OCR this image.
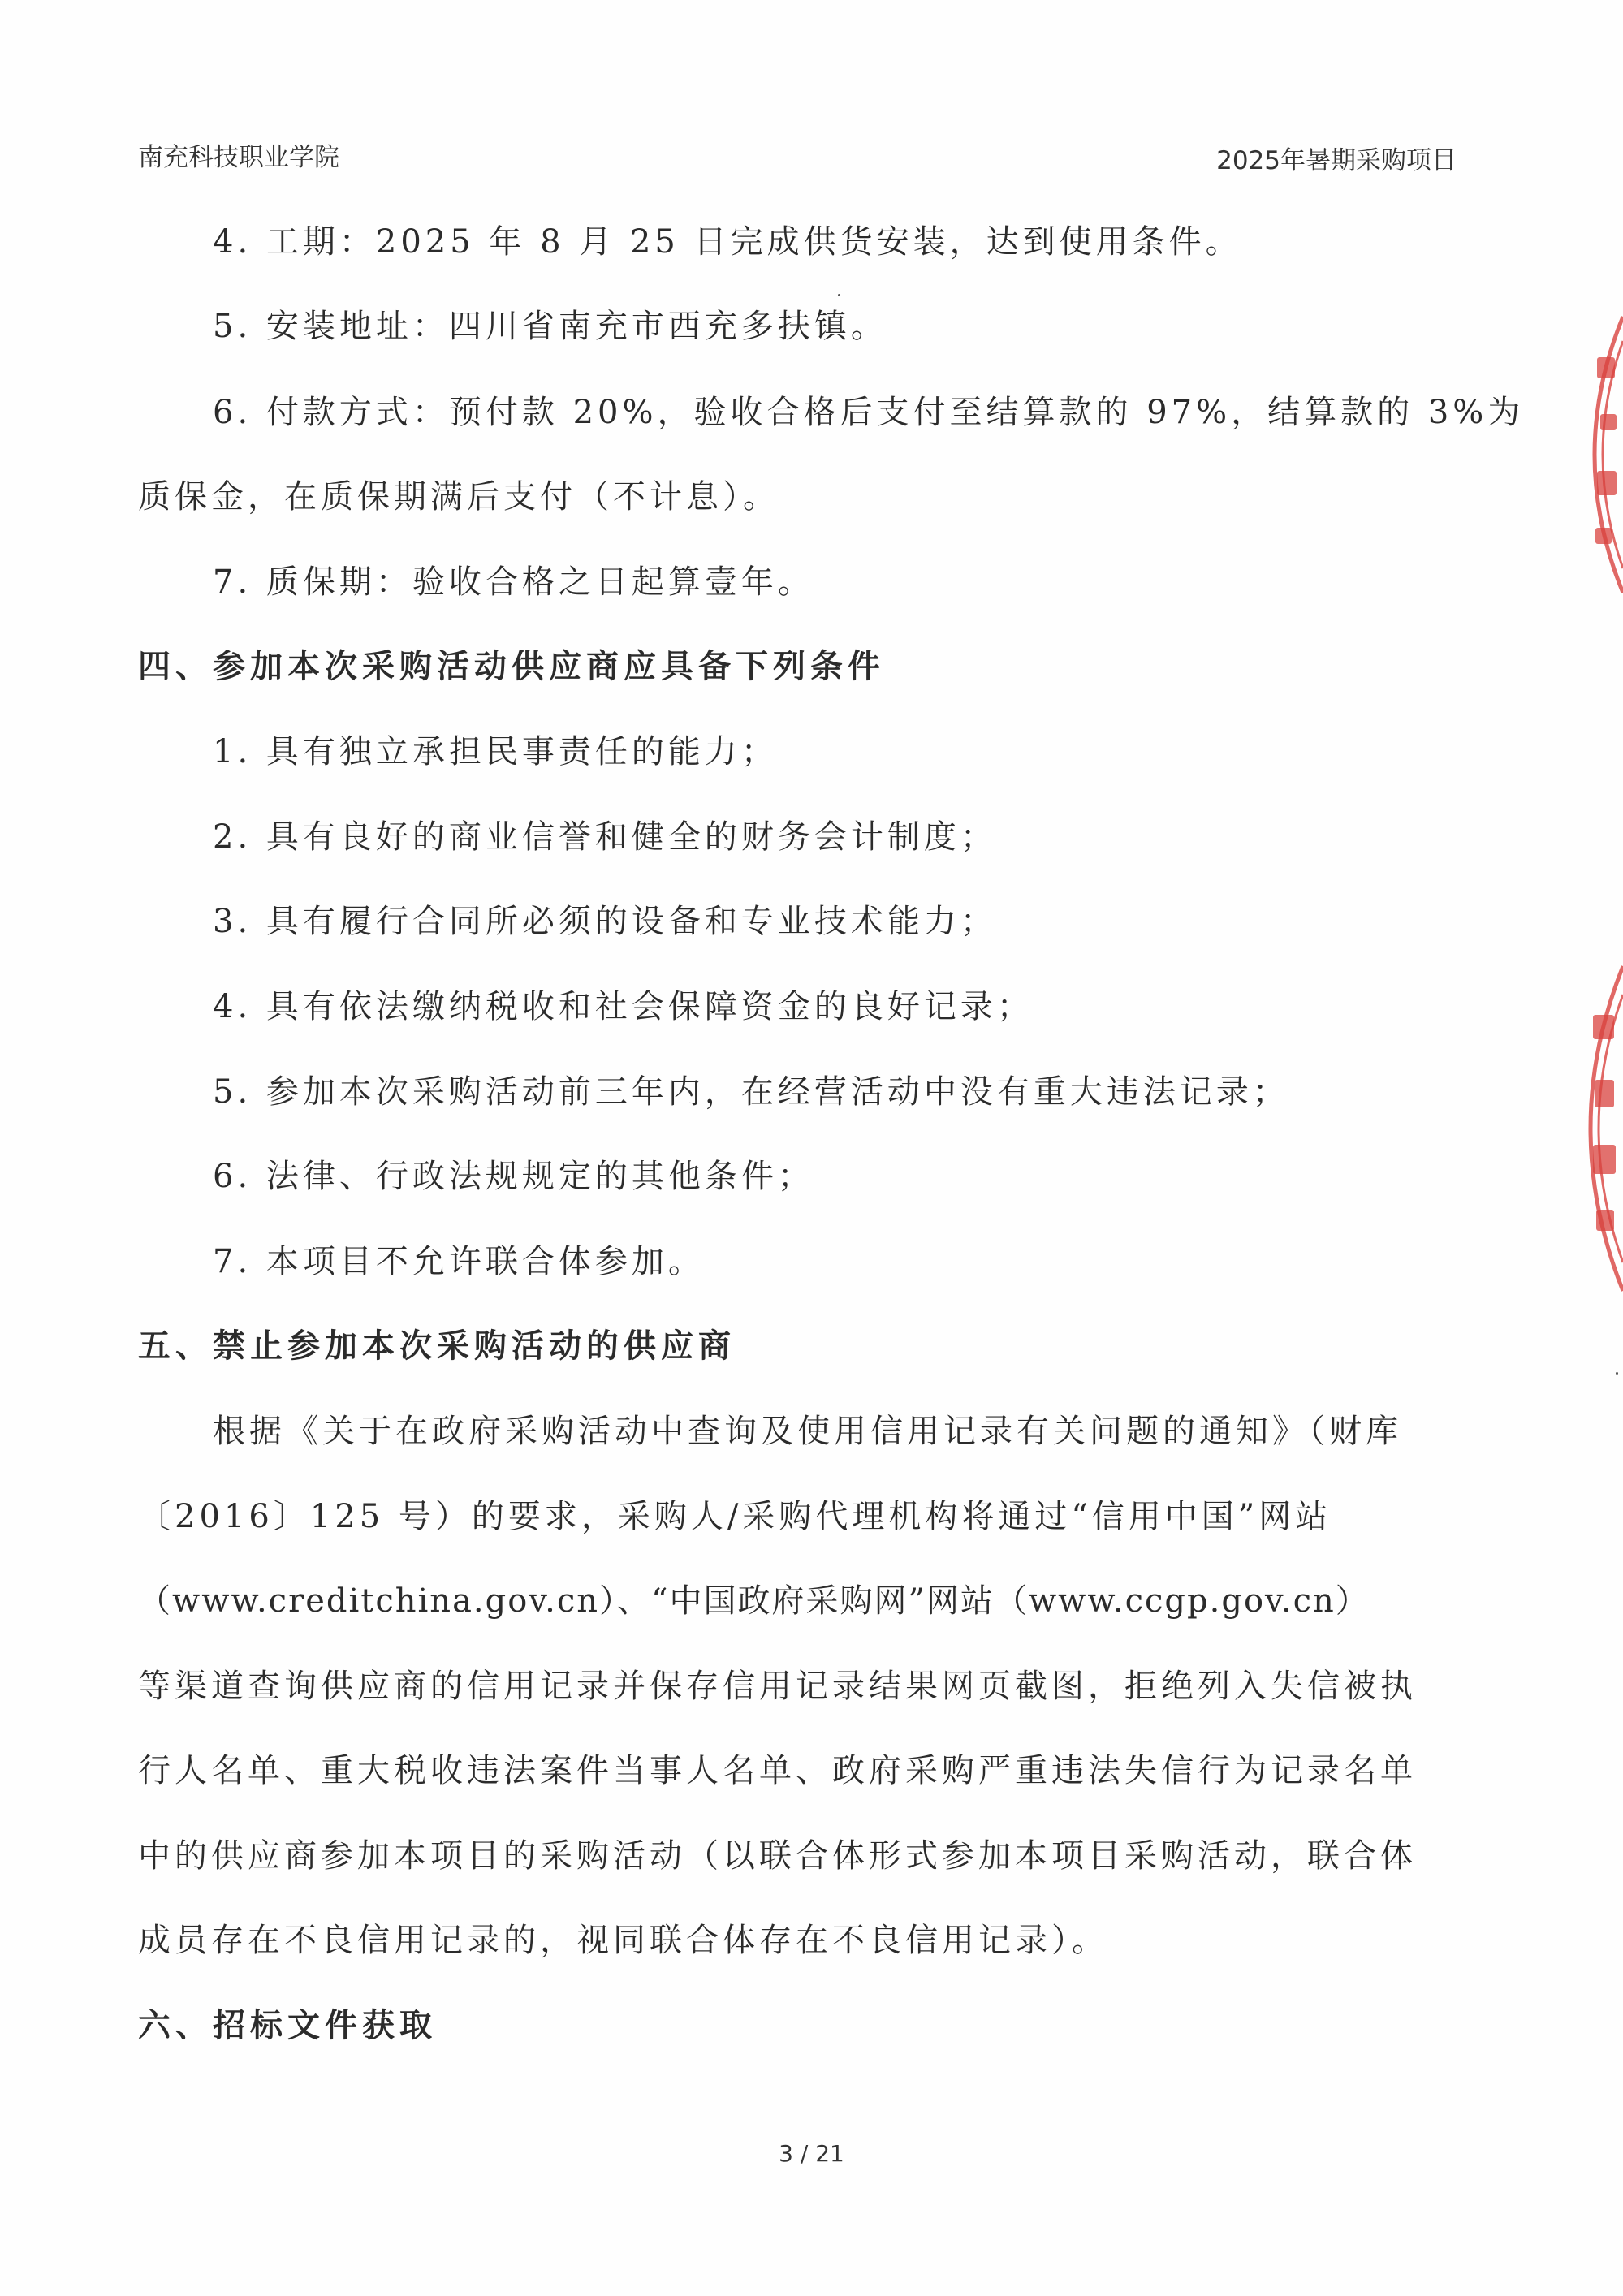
南充科技职业学院	2025年暑期采购项目
4. 工期：2025 年 8 月 25 日完成供货安装，达到使用条件。
5. 安装地址：四川省南充市西充多扶镇。
6. 付款方式：预付款 20%，验收合格后支付至结算款的 97%，结算款的 3%为
质保金，在质保期满后支付（不计息）。
7. 质保期：验收合格之日起算壹年。
四、参加本次采购活动供应商应具备下列条件
1. 具有独立承担民事责任的能力；
2. 具有良好的商业信誉和健全的财务会计制度；
3. 具有履行合同所必须的设备和专业技术能力；
4. 具有依法缴纳税收和社会保障资金的良好记录；
5. 参加本次采购活动前三年内，在经营活动中没有重大违法记录；
6. 法律、行政法规规定的其他条件；
7. 本项目不允许联合体参加。
五、禁止参加本次采购活动的供应商
根据《关于在政府采购活动中查询及使用信用记录有关问题的通知》（财库
〔2016〕125 号）的要求，采购人/采购代理机构将通过“信用中国”网站
（www.creditchina.gov.cn）、“中国政府采购网”网站（www.ccgp.gov.cn）
等渠道查询供应商的信用记录并保存信用记录结果网页截图，拒绝列入失信被执
行人名单、重大税收违法案件当事人名单、政府采购严重违法失信行为记录名单
中的供应商参加本项目的采购活动（以联合体形式参加本项目采购活动，联合体
成员存在不良信用记录的，视同联合体存在不良信用记录）。
六、招标文件获取
3 / 21
